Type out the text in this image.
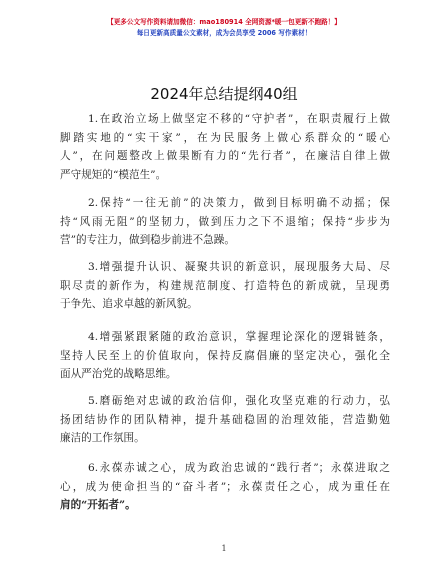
【更多公文写作资料请加微信：mao180914 全网资源*暖一包更新不跑路！】
每日更新高质量公文素材，成为会员享受 2006 写作素材！
2024年总结提纲40组
1.在政治立场上做坚定不移的“守护者”，在职责履行上做
脚踏实地的“实干家”，在为民服务上做心系群众的“暖心
人”，在问题整改上做果断有力的“先行者”，在廉洁自律上做
严守规矩的“模范生”。
2.保持“一往无前”的决策力，做到目标明确不动摇；保
持“风雨无阻”的坚韧力，做到压力之下不退缩；保持“步步为
营”的专注力，做到稳步前进不急躁。
3.增强提升认识、凝聚共识的新意识，展现服务大局、尽
职尽责的新作为，构建规范制度、打造特色的新成就，呈现勇
于争先、追求卓越的新风貌。
4.增强紧跟紧随的政治意识，掌握理论深化的逻辑链条，
坚持人民至上的价值取向，保持反腐倡廉的坚定决心，强化全
面从严治党的战略思维。
5.磨砺绝对忠诚的政治信仰，强化攻坚克难的行动力，弘
扬团结协作的团队精神，提升基础稳固的治理效能，营造勤勉
廉洁的工作氛围。
6.永葆赤诚之心，成为政治忠诚的“践行者”；永葆进取之
心，成为使命担当的“奋斗者”；永葆责任之心，成为重任在
肩的“开拓者”。
1
